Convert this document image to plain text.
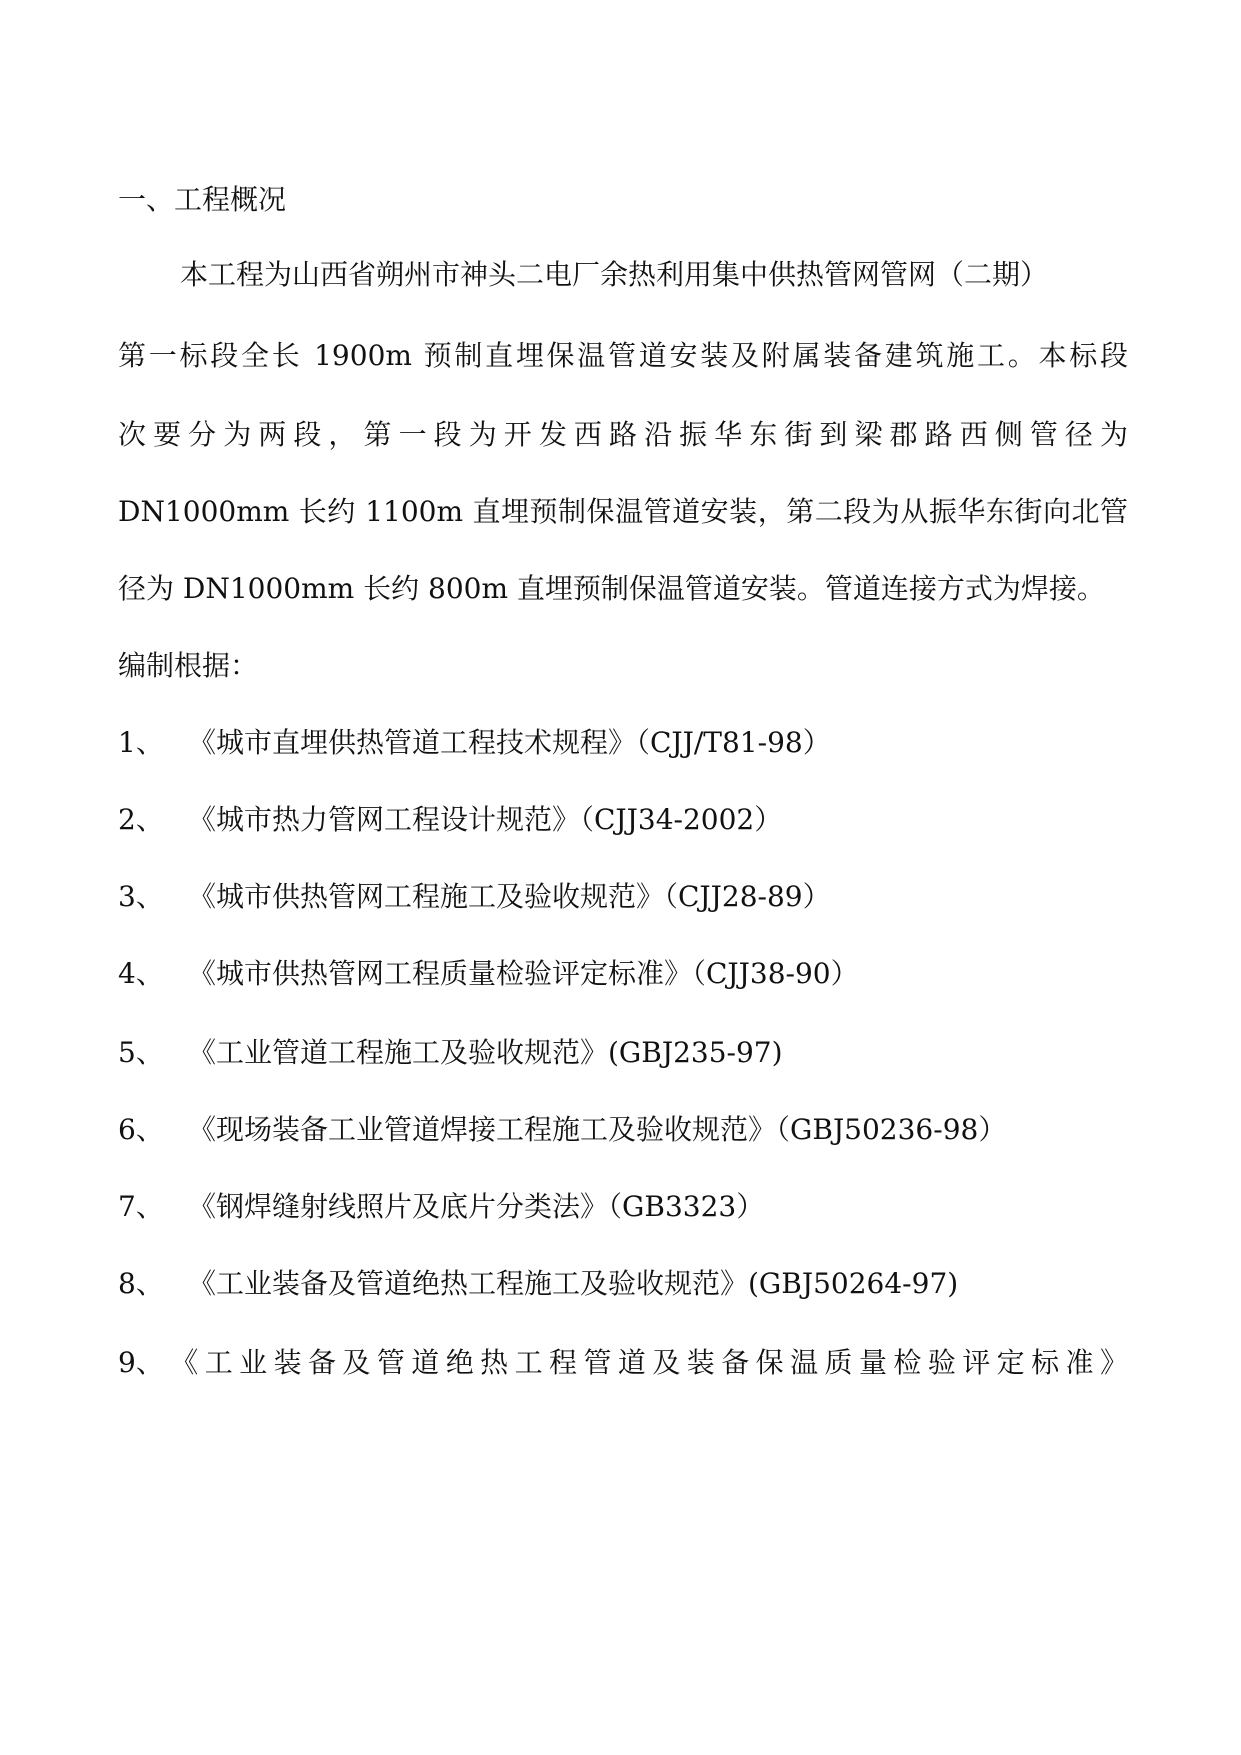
一、工程概况
本工程为山西省朔州市神头二电厂余热利用集中供热管网管网（二期）
第一标段全长 1900m 预制直埋保温管道安装及附属装备建筑施工。本标段
次要分为两段，第一段为开发西路沿振华东街到梁郡路西侧管径为
DN1000mm 长约 1100m 直埋预制保温管道安装，第二段为从振华东街向北管
径为 DN1000mm 长约 800m 直埋预制保温管道安装。管道连接方式为焊接。
编制根据：
1、 《城市直埋供热管道工程技术规程》（CJJ/T81-98）
2、 《城市热力管网工程设计规范》（CJJ34-2002）
3、 《城市供热管网工程施工及验收规范》（CJJ28-89）
4、 《城市供热管网工程质量检验评定标准》（CJJ38-90）
5、 《工业管道工程施工及验收规范》(GBJ235-97)
6、 《现场装备工业管道焊接工程施工及验收规范》（GBJ50236-98）
7、 《钢焊缝射线照片及底片分类法》（GB3323）
8、 《工业装备及管道绝热工程施工及验收规范》(GBJ50264-97)
9、《工业装备及管道绝热工程管道及装备保温质量检验评定标准》
